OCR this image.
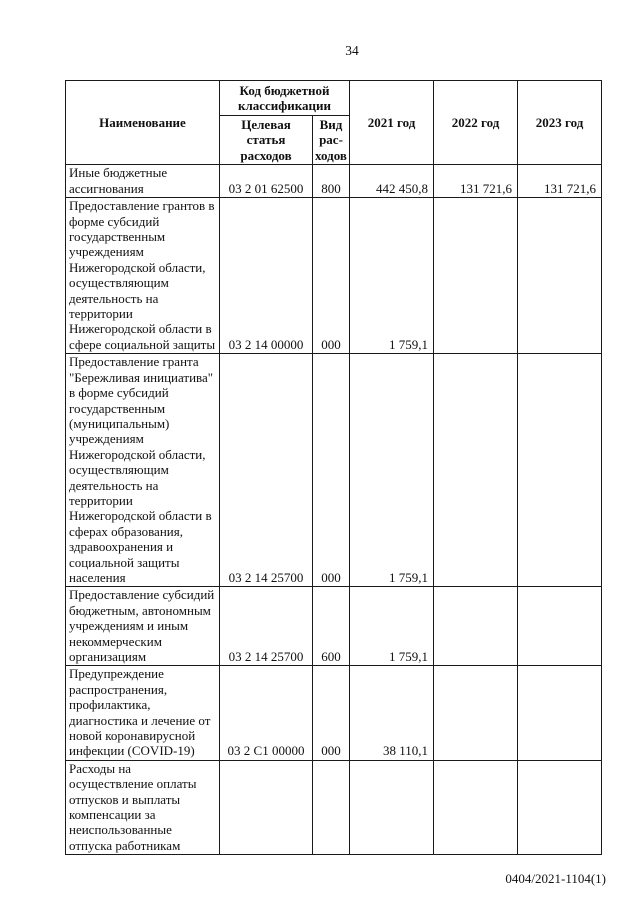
34
Наименование	Код бюджетной классификации		2021 год	2022 год	2023 год
	Целевая статья расходов	Вид рас-ходов			

Иные бюджетные ассигнования	03 2 01 62500	800	442 450,8	131 721,6	131 721,6

Предоставление грантов в форме субсидий государственным учреждениям Нижегородской области, осуществляющим деятельность на территории Нижегородской области в сфере социальной защиты	03 2 14 00000	000	1 759,1		

Предоставление гранта "Бережливая инициатива" в форме субсидий государственным (муниципальным) учреждениям Нижегородской области, осуществляющим деятельность на территории Нижегородской области в сферах образования, здравоохранения и социальной защиты населения	03 2 14 25700	000	1 759,1		

Предоставление субсидий бюджетным, автономным учреждениям и иным некоммерческим организациям	03 2 14 25700	600	1 759,1		

Предупреждение распространения, профилактика, диагностика и лечение от новой коронавирусной инфекции (COVID-19)	03 2 С1 00000	000	38 110,1		

Расходы на осуществление оплаты отпусков и выплаты компенсации за неиспользованные отпуска работникам					

0404/2021-1104(1)
